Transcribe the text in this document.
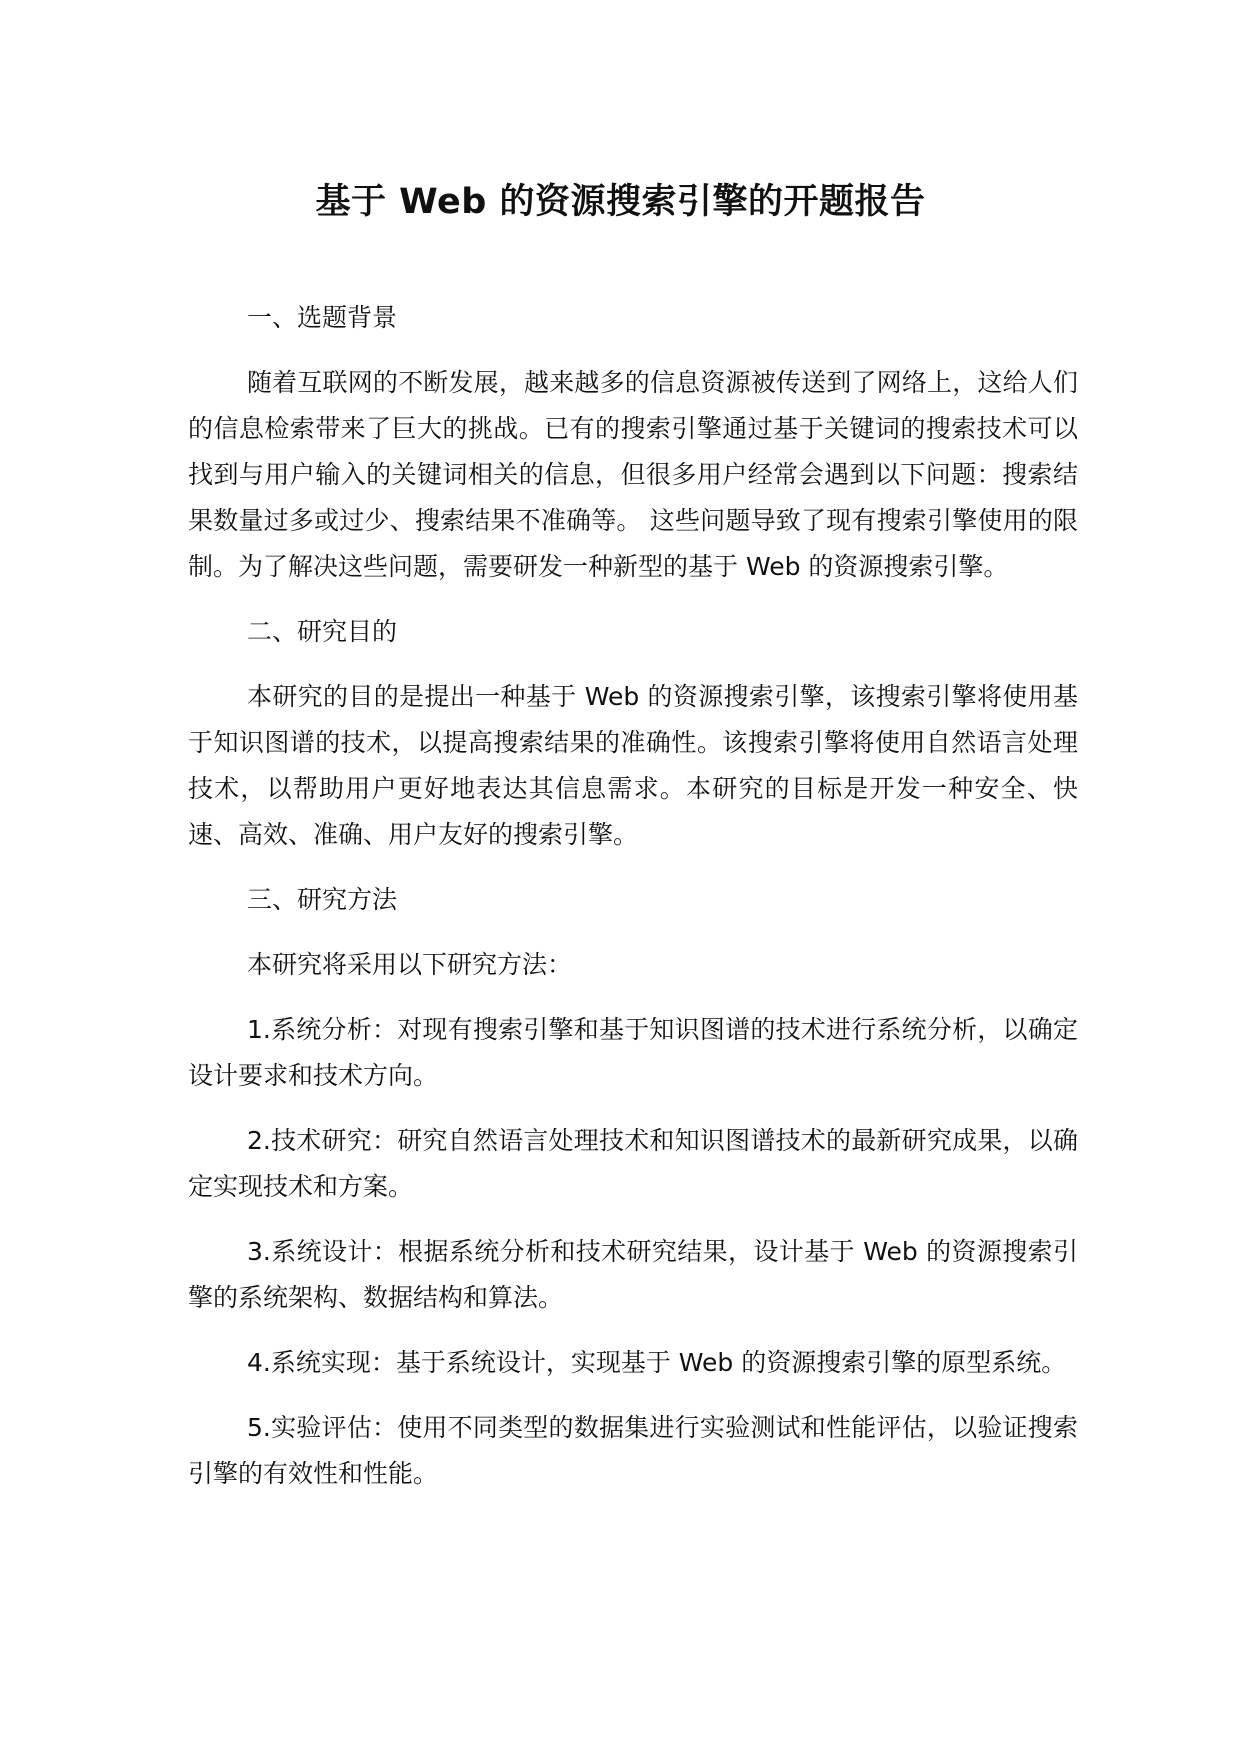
基于 Web 的资源搜索引擎的开题报告

一、选题背景

随着互联网的不断发展，越来越多的信息资源被传送到了网络上，这给人们的信息检索带来了巨大的挑战。已有的搜索引擎通过基于关键词的搜索技术可以找到与用户输入的关键词相关的信息，但很多用户经常会遇到以下问题：搜索结果数量过多或过少、搜索结果不准确等。 这些问题导致了现有搜索引擎使用的限制。为了解决这些问题，需要研发一种新型的基于 Web 的资源搜索引擎。

二、研究目的

本研究的目的是提出一种基于 Web 的资源搜索引擎，该搜索引擎将使用基于知识图谱的技术，以提高搜索结果的准确性。该搜索引擎将使用自然语言处理技术，以帮助用户更好地表达其信息需求。本研究的目标是开发一种安全、快速、高效、准确、用户友好的搜索引擎。

三、研究方法

本研究将采用以下研究方法：

1.系统分析：对现有搜索引擎和基于知识图谱的技术进行系统分析，以确定设计要求和技术方向。

2.技术研究：研究自然语言处理技术和知识图谱技术的最新研究成果，以确定实现技术和方案。

3.系统设计：根据系统分析和技术研究结果，设计基于 Web 的资源搜索引擎的系统架构、数据结构和算法。

4.系统实现：基于系统设计，实现基于 Web 的资源搜索引擎的原型系统。

5.实验评估：使用不同类型的数据集进行实验测试和性能评估，以验证搜索引擎的有效性和性能。
